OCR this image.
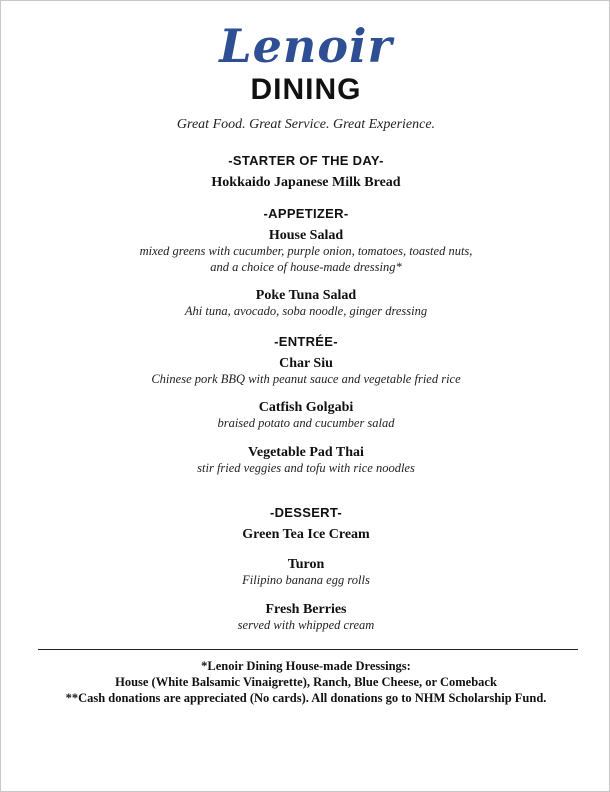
Lenoir
DINING
Great Food. Great Service. Great Experience.
-STARTER OF THE DAY-
Hokkaido Japanese Milk Bread
-APPETIZER-
House Salad
mixed greens with cucumber, purple onion, tomatoes, toasted nuts,
and a choice of house-made dressing*
Poke Tuna Salad
Ahi tuna, avocado, soba noodle, ginger dressing
-ENTRÉE-
Char Siu
Chinese pork BBQ with peanut sauce and vegetable fried rice
Catfish Golgabi
braised potato and cucumber salad
Vegetable Pad Thai
stir fried veggies and tofu with rice noodles
-DESSERT-
Green Tea Ice Cream
Turon
Filipino banana egg rolls
Fresh Berries
served with whipped cream
*Lenoir Dining House-made Dressings:
House (White Balsamic Vinaigrette), Ranch, Blue Cheese, or Comeback
**Cash donations are appreciated (No cards). All donations go to NHM Scholarship Fund.
